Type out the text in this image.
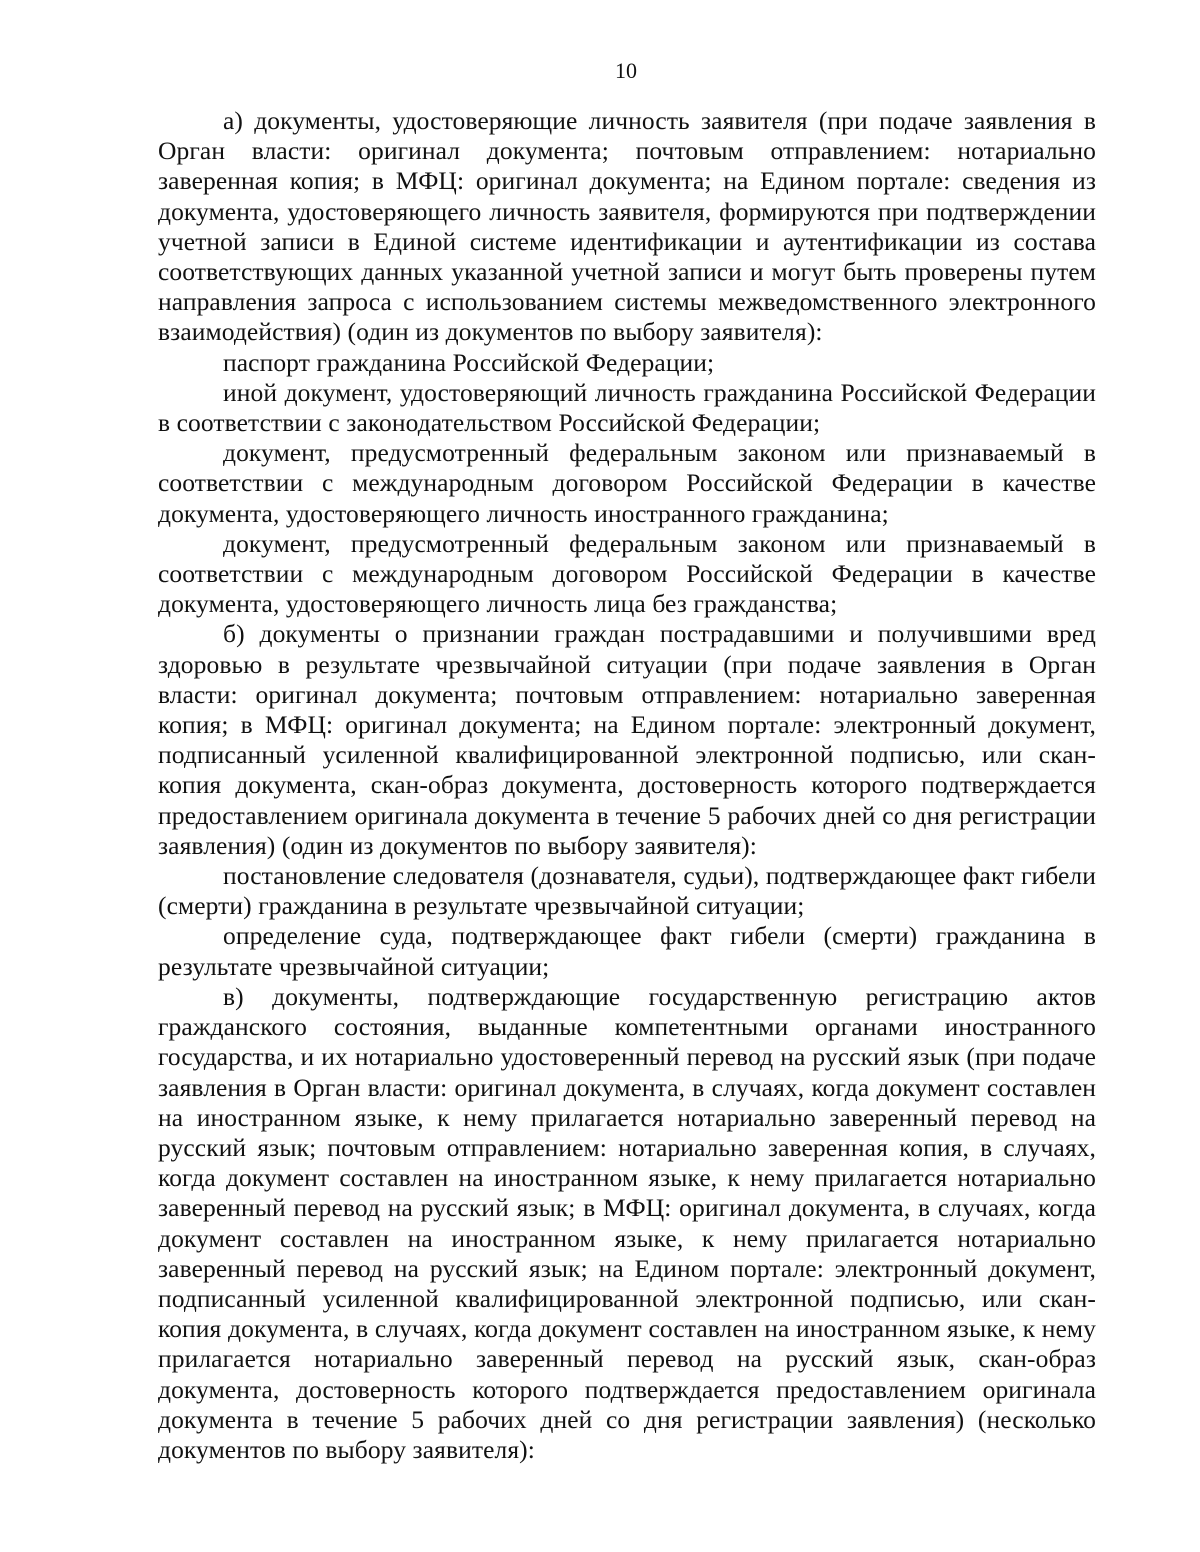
10

а) документы, удостоверяющие личность заявителя (при подаче заявления в Орган власти: оригинал документа; почтовым отправлением: нотариально заверенная копия; в МФЦ: оригинал документа; на Едином портале: сведения из документа, удостоверяющего личность заявителя, формируются при подтверждении учетной записи в Единой системе идентификации и аутентификации из состава соответствующих данных указанной учетной записи и могут быть проверены путем направления запроса с использованием системы межведомственного электронного взаимодействия) (один из документов по выбору заявителя):

паспорт гражданина Российской Федерации;

иной документ, удостоверяющий личность гражданина Российской Федерации в соответствии с законодательством Российской Федерации;

документ, предусмотренный федеральным законом или признаваемый в соответствии с международным договором Российской Федерации в качестве документа, удостоверяющего личность иностранного гражданина;

документ, предусмотренный федеральным законом или признаваемый в соответствии с международным договором Российской Федерации в качестве документа, удостоверяющего личность лица без гражданства;

б) документы о признании граждан пострадавшими и получившими вред здоровью в результате чрезвычайной ситуации (при подаче заявления в Орган власти: оригинал документа; почтовым отправлением: нотариально заверенная копия; в МФЦ: оригинал документа; на Едином портале: электронный документ, подписанный усиленной квалифицированной электронной подписью, или скан-копия документа, скан-образ документа, достоверность которого подтверждается предоставлением оригинала документа в течение 5 рабочих дней со дня регистрации заявления) (один из документов по выбору заявителя):

постановление следователя (дознавателя, судьи), подтверждающее факт гибели (смерти) гражданина в результате чрезвычайной ситуации;

определение суда, подтверждающее факт гибели (смерти) гражданина в результате чрезвычайной ситуации;

в) документы, подтверждающие государственную регистрацию актов гражданского состояния, выданные компетентными органами иностранного государства, и их нотариально удостоверенный перевод на русский язык (при подаче заявления в Орган власти: оригинал документа, в случаях, когда документ составлен на иностранном языке, к нему прилагается нотариально заверенный перевод на русский язык; почтовым отправлением: нотариально заверенная копия, в случаях, когда документ составлен на иностранном языке, к нему прилагается нотариально заверенный перевод на русский язык; в МФЦ: оригинал документа, в случаях, когда документ составлен на иностранном языке, к нему прилагается нотариально заверенный перевод на русский язык; на Едином портале: электронный документ, подписанный усиленной квалифицированной электронной подписью, или скан-копия документа, в случаях, когда документ составлен на иностранном языке, к нему прилагается нотариально заверенный перевод на русский язык, скан-образ документа, достоверность которого подтверждается предоставлением оригинала документа в течение 5 рабочих дней со дня регистрации заявления) (несколько документов по выбору заявителя):
